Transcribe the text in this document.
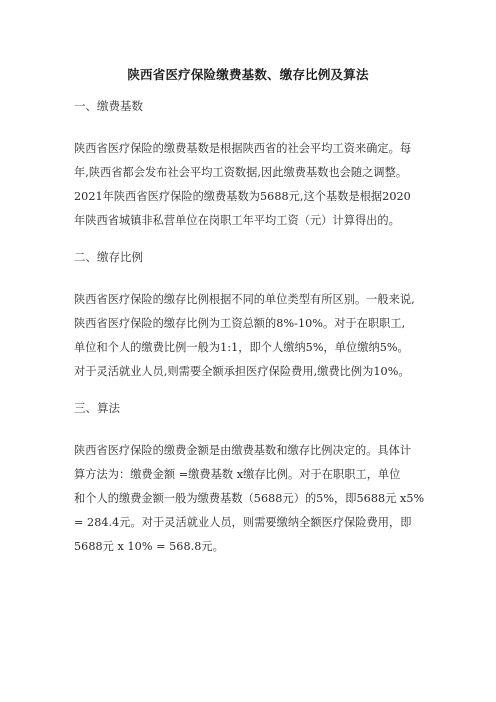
陕西省医疗保险缴费基数、缴存比例及算法
一、缴费基数
陕西省医疗保险的缴费基数是根据陕西省的社会平均工资来确定。每
年,陕西省都会发布社会平均工资数据,因此缴费基数也会随之调整。
2021年陕西省医疗保险的缴费基数为5688元,这个基数是根据2020
年陕西省城镇非私营单位在岗职工年平均工资（元）计算得出的。
二、缴存比例
陕西省医疗保险的缴存比例根据不同的单位类型有所区别。一般来说,
陕西省医疗保险的缴存比例为工资总额的8%-10%。对于在职职工,
单位和个人的缴费比例一般为1:1，即个人缴纳5%，单位缴纳5%。
对于灵活就业人员,则需要全额承担医疗保险费用,缴费比例为10%。
三、算法
陕西省医疗保险的缴费金额是由缴费基数和缴存比例决定的。具体计
算方法为：缴费金额 =缴费基数 x缴存比例。对于在职职工，单位
和个人的缴费金额一般为缴费基数（5688元）的5%，即5688元 x5%
= 284.4元。对于灵活就业人员，则需要缴纳全额医疗保险费用，即
5688元 x 10% = 568.8元。
